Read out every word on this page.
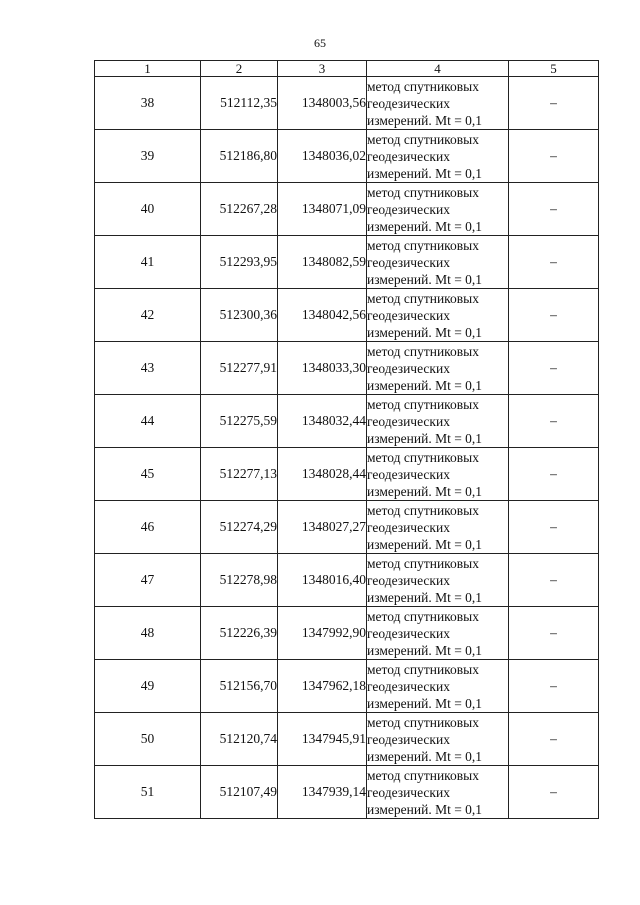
65
1	2	3	4	5
38	512112,35	1348003,56	метод спутниковых
геодезических
измерений. Mt = 0,1	–
39	512186,80	1348036,02	метод спутниковых
геодезических
измерений. Mt = 0,1	–
40	512267,28	1348071,09	метод спутниковых
геодезических
измерений. Mt = 0,1	–
41	512293,95	1348082,59	метод спутниковых
геодезических
измерений. Mt = 0,1	–
42	512300,36	1348042,56	метод спутниковых
геодезических
измерений. Mt = 0,1	–
43	512277,91	1348033,30	метод спутниковых
геодезических
измерений. Mt = 0,1	–
44	512275,59	1348032,44	метод спутниковых
геодезических
измерений. Mt = 0,1	–
45	512277,13	1348028,44	метод спутниковых
геодезических
измерений. Mt = 0,1	–
46	512274,29	1348027,27	метод спутниковых
геодезических
измерений. Mt = 0,1	–
47	512278,98	1348016,40	метод спутниковых
геодезических
измерений. Mt = 0,1	–
48	512226,39	1347992,90	метод спутниковых
геодезических
измерений. Mt = 0,1	–
49	512156,70	1347962,18	метод спутниковых
геодезических
измерений. Mt = 0,1	–
50	512120,74	1347945,91	метод спутниковых
геодезических
измерений. Mt = 0,1	–
51	512107,49	1347939,14	метод спутниковых
геодезических
измерений. Mt = 0,1	–
